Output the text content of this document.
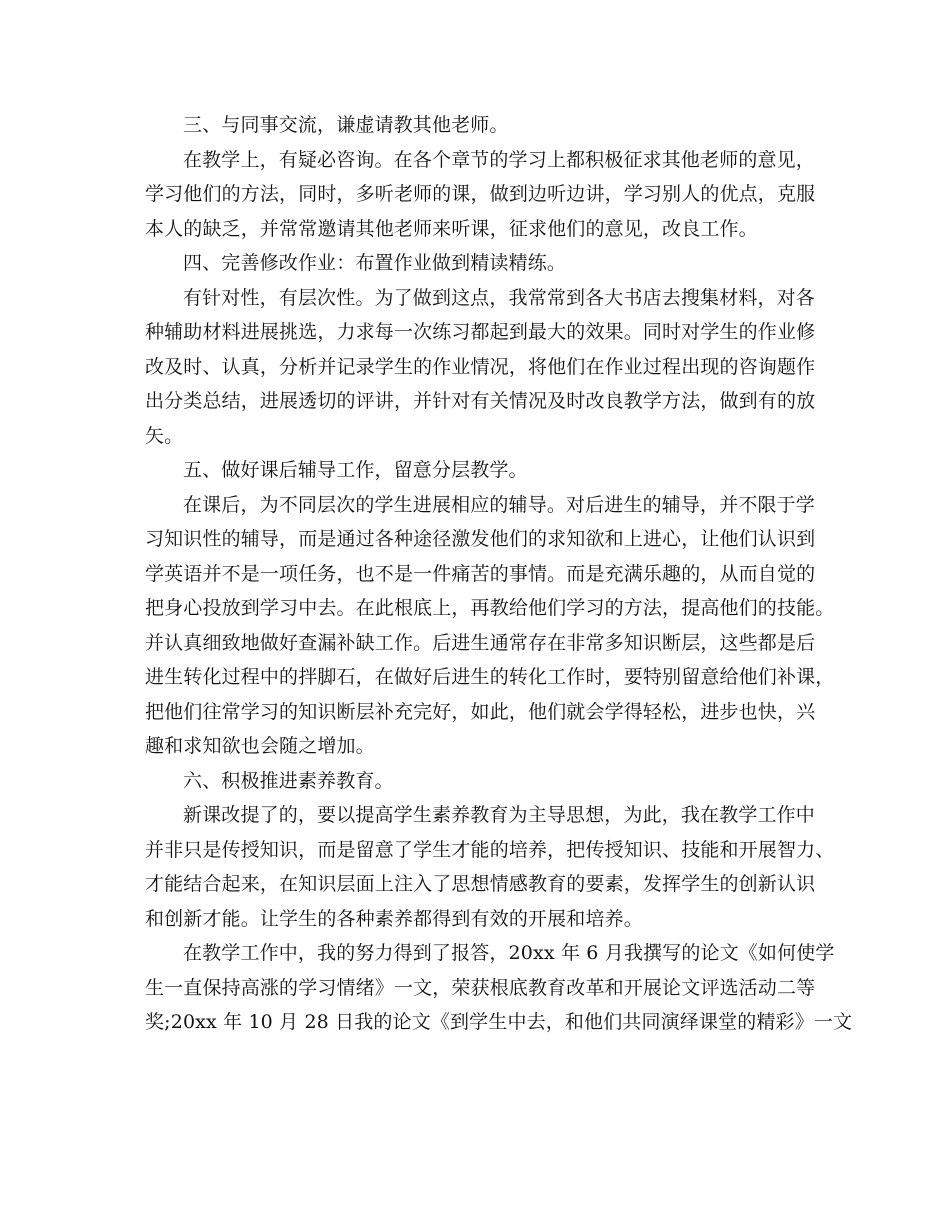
三、与同事交流，谦虚请教其他老师。
在教学上，有疑必咨询。在各个章节的学习上都积极征求其他老师的意见，
学习他们的方法，同时，多听老师的课，做到边听边讲，学习别人的优点，克服
本人的缺乏，并常常邀请其他老师来听课，征求他们的意见，改良工作。
四、完善修改作业：布置作业做到精读精练。
有针对性，有层次性。为了做到这点，我常常到各大书店去搜集材料，对各
种辅助材料进展挑选，力求每一次练习都起到最大的效果。同时对学生的作业修
改及时、认真，分析并记录学生的作业情况，将他们在作业过程出现的咨询题作
出分类总结，进展透切的评讲，并针对有关情况及时改良教学方法，做到有的放
矢。
五、做好课后辅导工作，留意分层教学。
在课后，为不同层次的学生进展相应的辅导。对后进生的辅导，并不限于学
习知识性的辅导，而是通过各种途径激发他们的求知欲和上进心，让他们认识到
学英语并不是一项任务，也不是一件痛苦的事情。而是充满乐趣的，从而自觉的
把身心投放到学习中去。在此根底上，再教给他们学习的方法，提高他们的技能。
并认真细致地做好查漏补缺工作。后进生通常存在非常多知识断层，这些都是后
进生转化过程中的拌脚石，在做好后进生的转化工作时，要特别留意给他们补课，
把他们往常学习的知识断层补充完好，如此，他们就会学得轻松，进步也快，兴
趣和求知欲也会随之增加。
六、积极推进素养教育。
新课改提了的，要以提高学生素养教育为主导思想，为此，我在教学工作中
并非只是传授知识，而是留意了学生才能的培养，把传授知识、技能和开展智力、
才能结合起来，在知识层面上注入了思想情感教育的要素，发挥学生的创新认识
和创新才能。让学生的各种素养都得到有效的开展和培养。
在教学工作中，我的努力得到了报答，20xx 年 6 月我撰写的论文《如何使学
生一直保持高涨的学习情绪》一文，荣获根底教育改革和开展论文评选活动二等
奖;20xx 年 10 月 28 日我的论文《到学生中去，和他们共同演绎课堂的精彩》一文
